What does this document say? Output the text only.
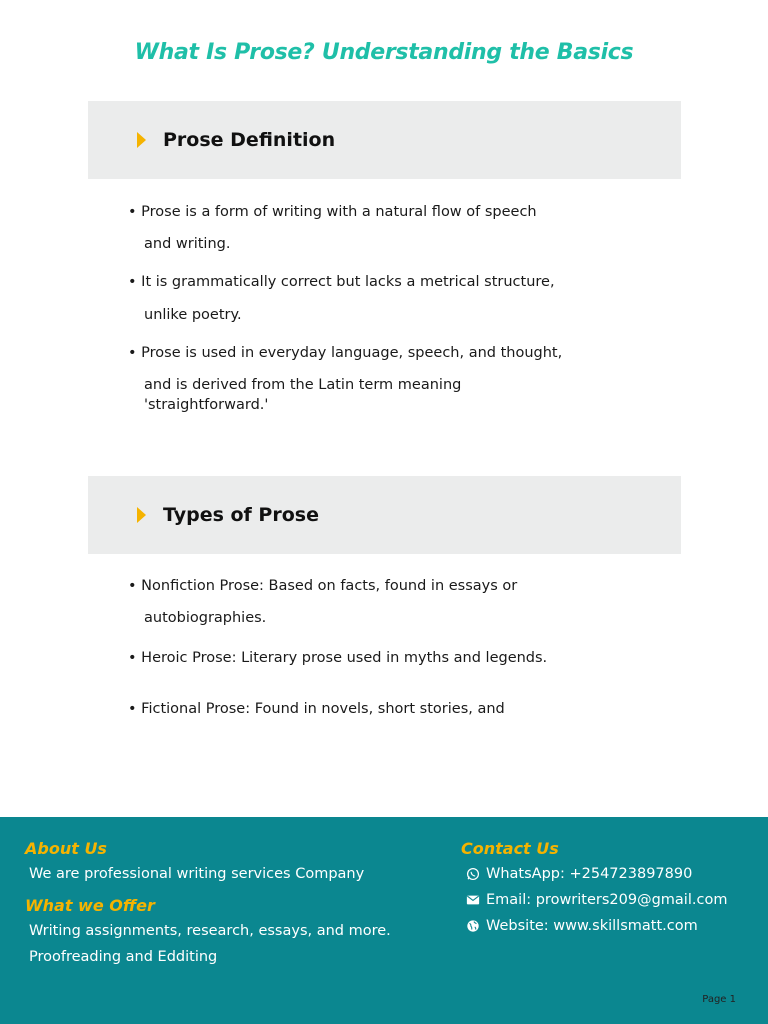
What Is Prose? Understanding the Basics
Prose Definition
• Prose is a form of writing with a natural flow of speech
and writing.
• It is grammatically correct but lacks a metrical structure,
unlike poetry.
• Prose is used in everyday language, speech, and thought,
and is derived from the Latin term meaning
'straightforward.'
Types of Prose
• Nonfiction Prose: Based on facts, found in essays or
autobiographies.
• Heroic Prose: Literary prose used in myths and legends.
• Fictional Prose: Found in novels, short stories, and
About Us
We are professional writing services Company
What we Offer
Writing assignments, research, essays, and more.
Proofreading and Edditing
Contact Us
WhatsApp: +254723897890
Email: prowriters209@gmail.com
Website: www.skillsmatt.com
Page 1
